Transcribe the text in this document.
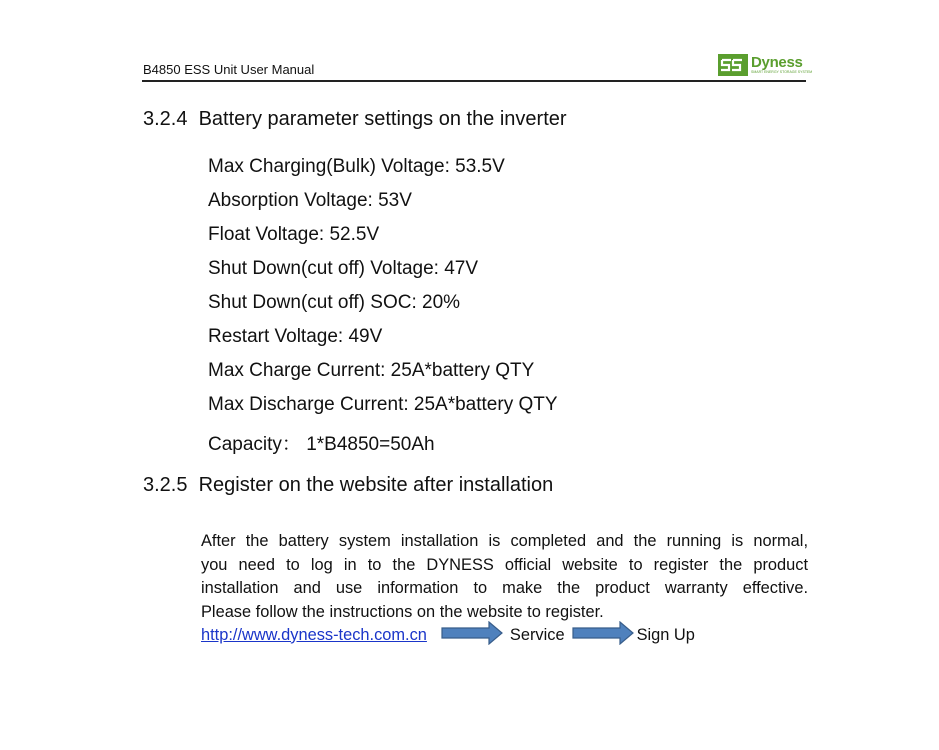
B4850 ESS Unit User Manual	Dyness
SMART ENERGY STORAGE SYSTEM
3.2.4  Battery parameter settings on the inverter
Max Charging(Bulk) Voltage: 53.5V
Absorption Voltage: 53V
Float Voltage: 52.5V
Shut Down(cut off) Voltage: 47V
Shut Down(cut off) SOC: 20%
Restart Voltage: 49V
Max Charge Current: 25A*battery QTY
Max Discharge Current: 25A*battery QTY
Capacity： 1*B4850=50Ah
3.2.5  Register on the website after installation
After the battery system installation is completed and the running is normal,
you need to log in to the DYNESS official website to register the product
installation and use information to make the product warranty effective.
Please follow the instructions on the website to register.
http://www.dyness-tech.com.cn	Service	Sign Up
